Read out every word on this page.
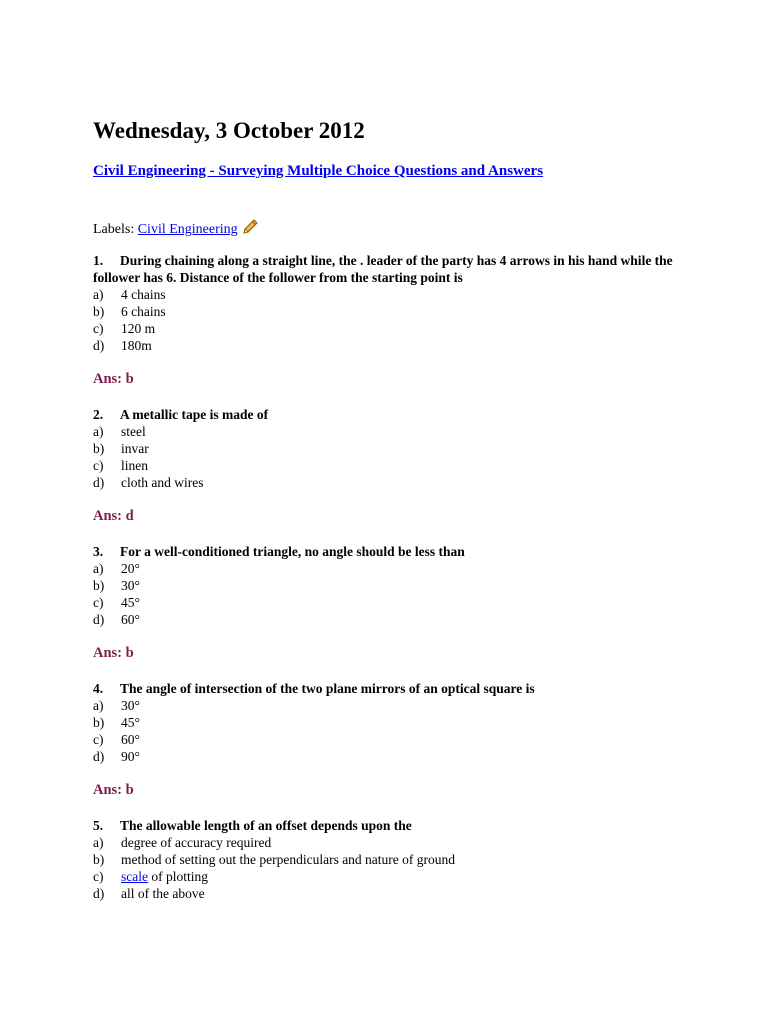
Wednesday, 3 October 2012
Civil Engineering - Surveying Multiple Choice Questions and Answers
Labels: Civil Engineering
1. During chaining along a straight line, the . leader of the party has 4 arrows in his hand while the follower has 6. Distance of the follower from the starting point is
a) 4 chains
b) 6 chains
c) 120 m
d) 180m
Ans: b
2. A metallic tape is made of
a) steel
b) invar
c) linen
d) cloth and wires
Ans: d
3. For a well-conditioned triangle, no angle should be less than
a) 20°
b) 30°
c) 45°
d) 60°
Ans: b
4. The angle of intersection of the two plane mirrors of an optical square is
a) 30°
b) 45°
c) 60°
d) 90°
Ans: b
5. The allowable length of an offset depends upon the
a) degree of accuracy required
b) method of setting out the perpendiculars and nature of ground
c) scale of plotting
d) all of the above
